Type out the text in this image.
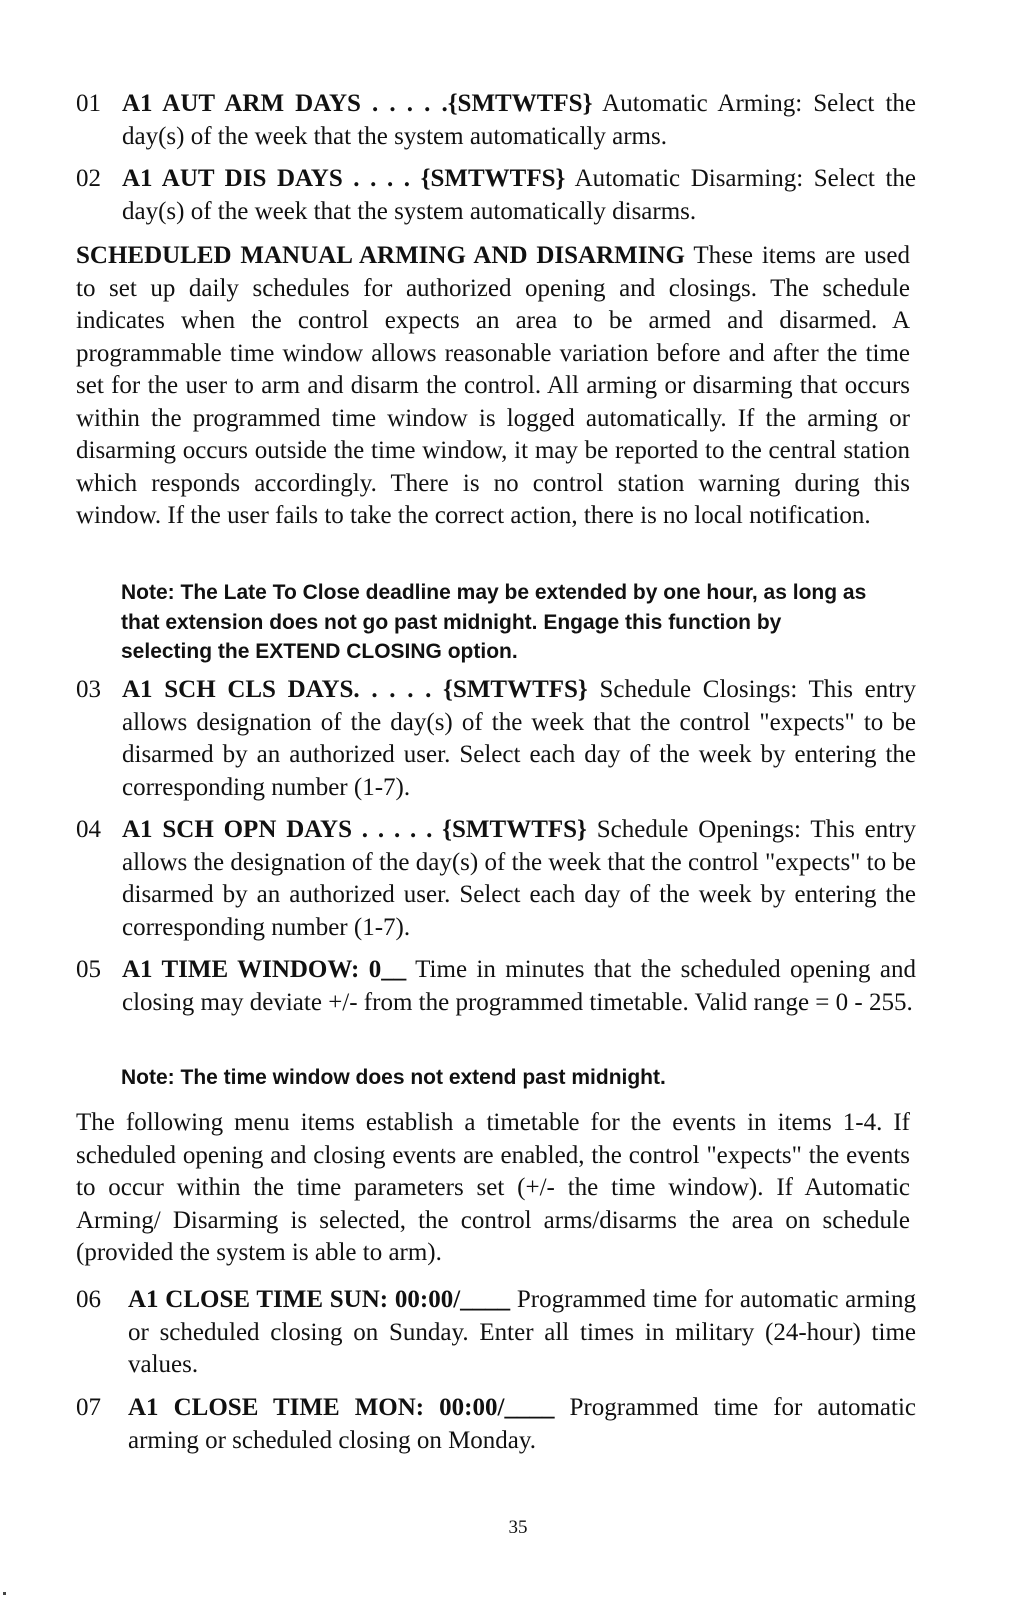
01 A1 AUT ARM DAYS . . . . .{SMTWTFS} Automatic Arming: Select the day(s) of the week that the system automatically arms.
02 A1 AUT DIS DAYS . . . . {SMTWTFS} Automatic Disarming: Select the day(s) of the week that the system automatically disarms.
SCHEDULED MANUAL ARMING AND DISARMING These items are used to set up daily schedules for authorized opening and closings. The schedule indicates when the control expects an area to be armed and disarmed. A programmable time window allows reasonable variation before and after the time set for the user to arm and disarm the control. All arming or disarming that occurs within the programmed time window is logged automatically. If the arming or disarming occurs outside the time window, it may be reported to the central station which responds accordingly. There is no control station warning during this window. If the user fails to take the correct action, there is no local notification.
Note: The Late To Close deadline may be extended by one hour, as long as that extension does not go past midnight. Engage this function by selecting the EXTEND CLOSING option.
03 A1 SCH CLS DAYS. . . . . {SMTWTFS} Schedule Closings: This entry allows designation of the day(s) of the week that the control "expects" to be disarmed by an authorized user. Select each day of the week by entering the corresponding number (1-7).
04 A1 SCH OPN DAYS . . . . . {SMTWTFS} Schedule Openings: This entry allows the designation of the day(s) of the week that the control "expects" to be disarmed by an authorized user. Select each day of the week by entering the corresponding number (1-7).
05 A1 TIME WINDOW: 0__ Time in minutes that the scheduled opening and closing may deviate +/- from the programmed timetable. Valid range = 0 - 255.
Note: The time window does not extend past midnight.
The following menu items establish a timetable for the events in items 1-4. If scheduled opening and closing events are enabled, the control "expects" the events to occur within the time parameters set (+/- the time window). If Automatic Arming/ Disarming is selected, the control arms/disarms the area on schedule (provided the system is able to arm).
06	A1 CLOSE TIME SUN: 00:00/____ Programmed time for automatic arming or scheduled closing on Sunday. Enter all times in military (24-hour) time values.
07	A1 CLOSE TIME MON: 00:00/____ Programmed time for automatic arming or scheduled closing on Monday.
35
